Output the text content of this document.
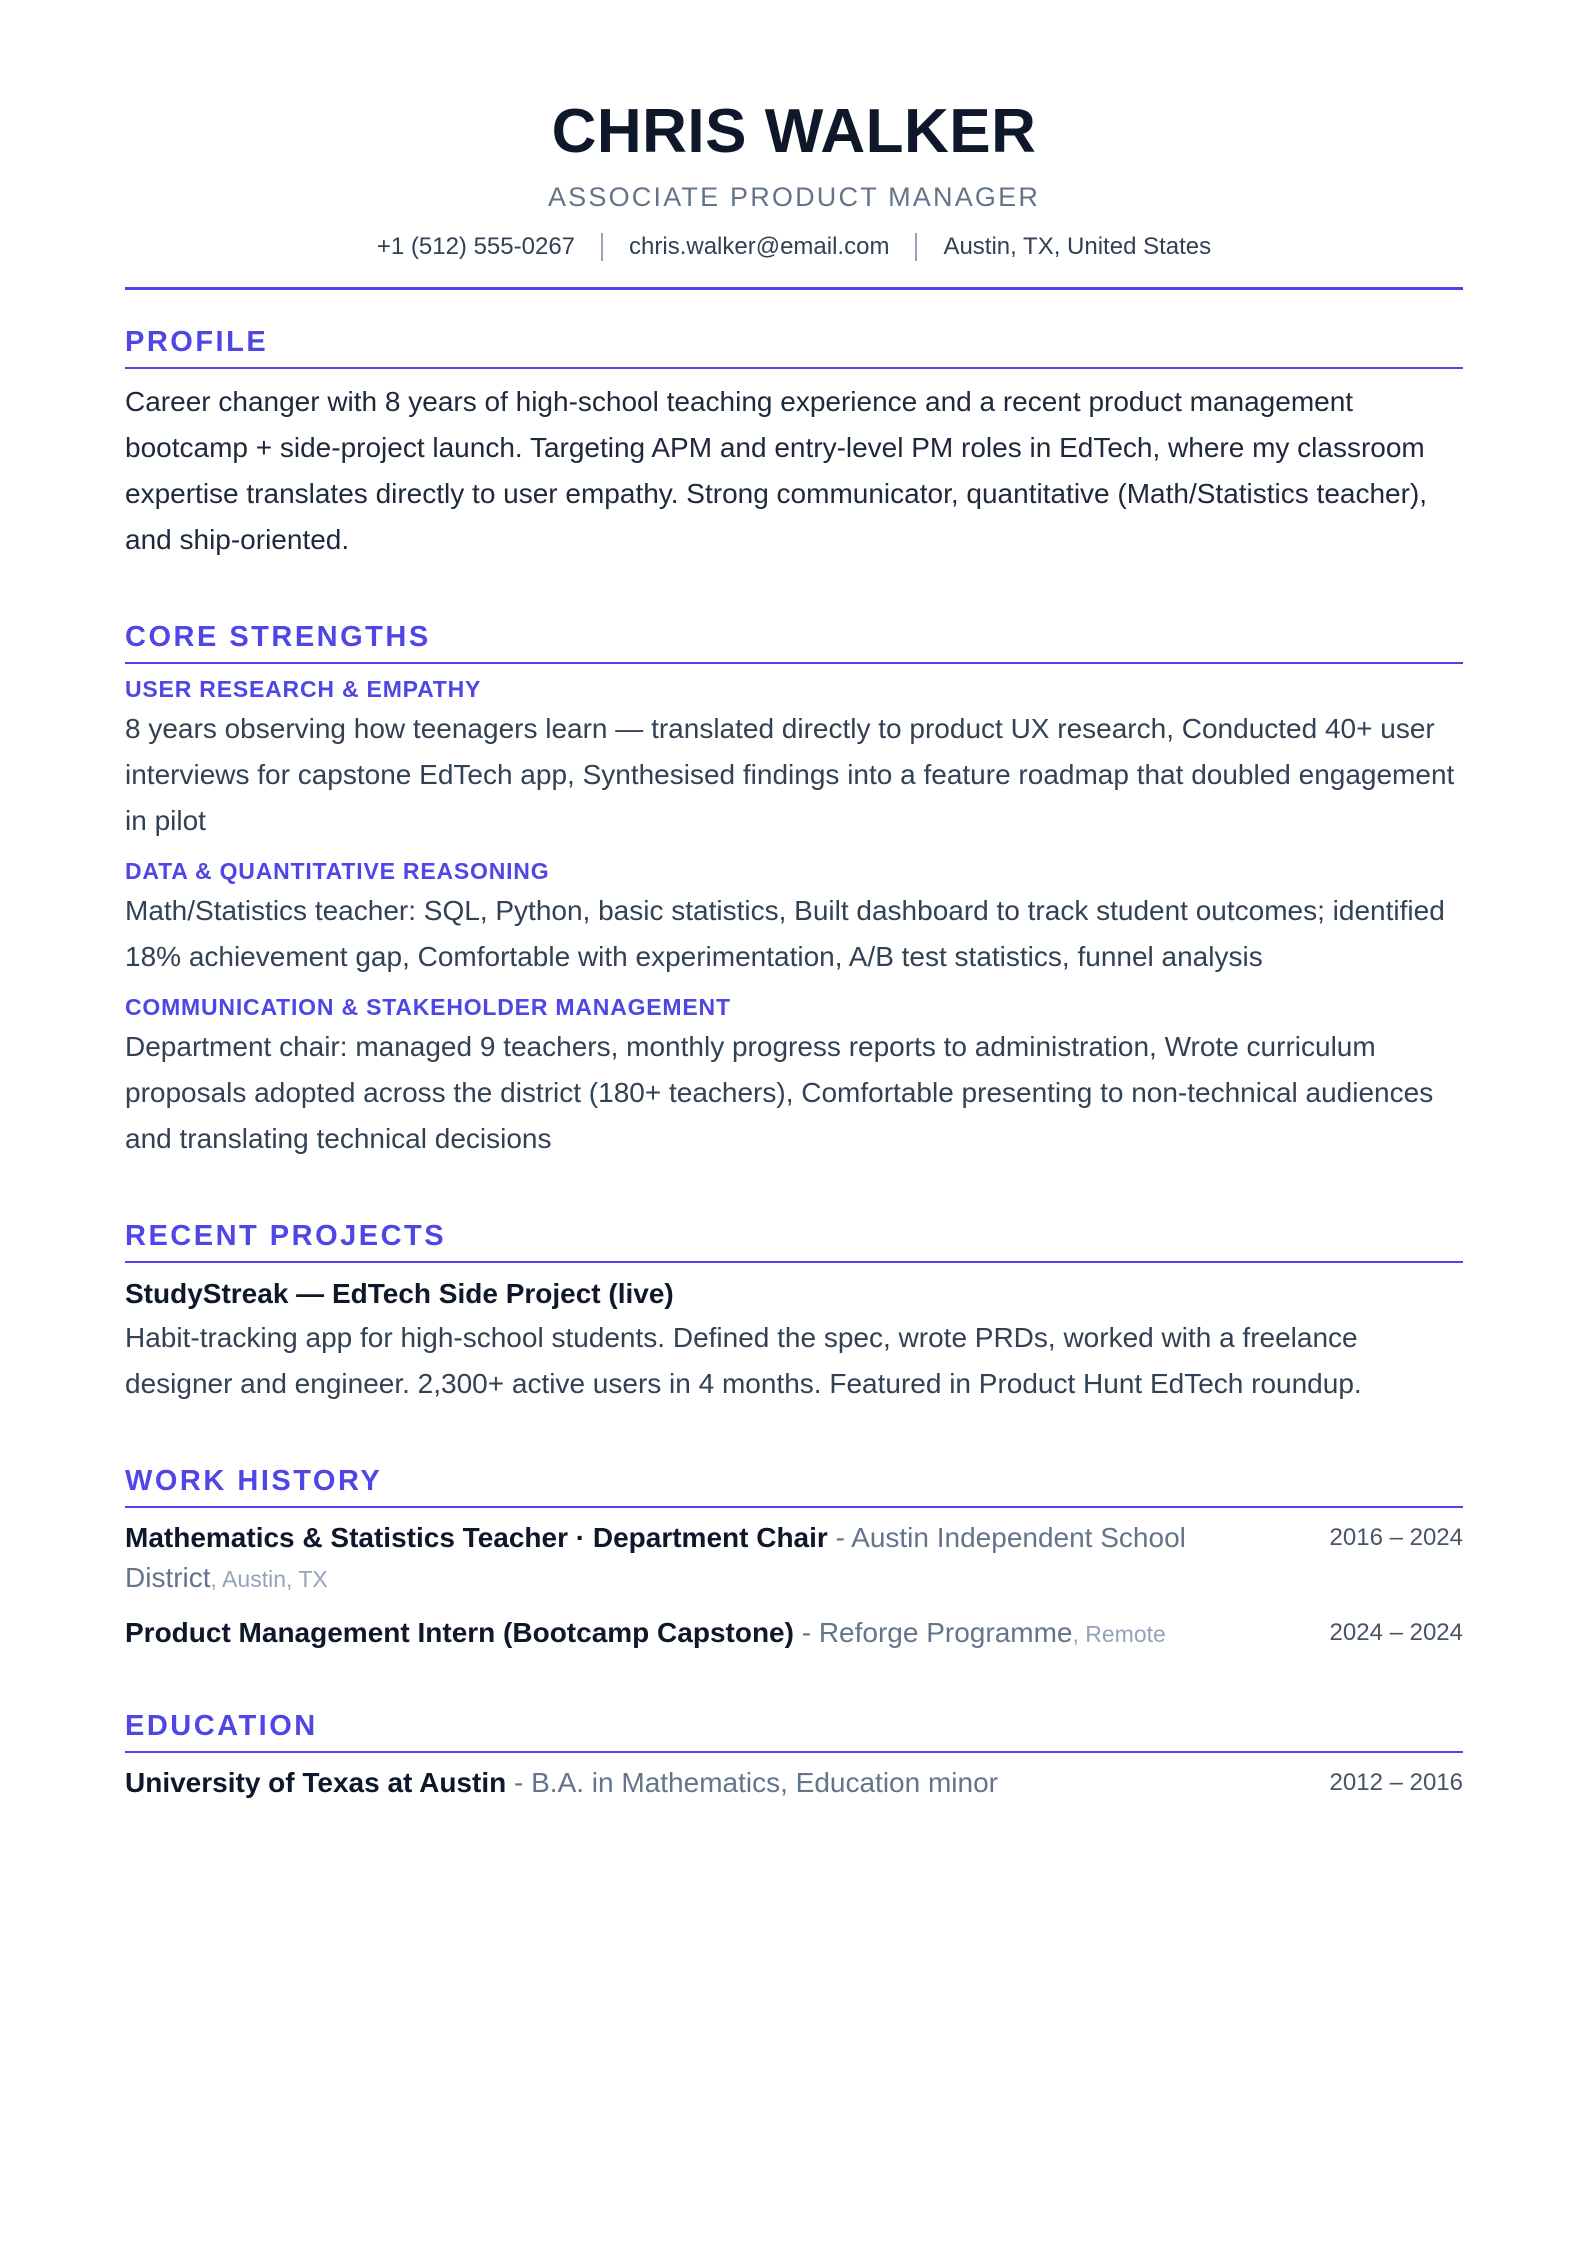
CHRIS WALKER
ASSOCIATE PRODUCT MANAGER
+1 (512) 555-0267 chris.walker@email.com Austin, TX, United States
PROFILE
Career changer with 8 years of high-school teaching experience and a recent product management bootcamp + side-project launch. Targeting APM and entry-level PM roles in EdTech, where my classroom expertise translates directly to user empathy. Strong communicator, quantitative (Math/Statistics teacher), and ship-oriented.
CORE STRENGTHS
USER RESEARCH & EMPATHY
8 years observing how teenagers learn — translated directly to product UX research, Conducted 40+ user interviews for capstone EdTech app, Synthesised findings into a feature roadmap that doubled engagement in pilot
DATA & QUANTITATIVE REASONING
Math/Statistics teacher: SQL, Python, basic statistics, Built dashboard to track student outcomes; identified 18% achievement gap, Comfortable with experimentation, A/B test statistics, funnel analysis
COMMUNICATION & STAKEHOLDER MANAGEMENT
Department chair: managed 9 teachers, monthly progress reports to administration, Wrote curriculum proposals adopted across the district (180+ teachers), Comfortable presenting to non-technical audiences and translating technical decisions
RECENT PROJECTS
StudyStreak — EdTech Side Project (live)
Habit-tracking app for high-school students. Defined the spec, wrote PRDs, worked with a freelance designer and engineer. 2,300+ active users in 4 months. Featured in Product Hunt EdTech roundup.
WORK HISTORY
Mathematics & Statistics Teacher · Department Chair - Austin Independent School District, Austin, TX
2016 – 2024
Product Management Intern (Bootcamp Capstone) - Reforge Programme, Remote	2024 – 2024
EDUCATION
University of Texas at Austin - B.A. in Mathematics, Education minor	2012 – 2016
